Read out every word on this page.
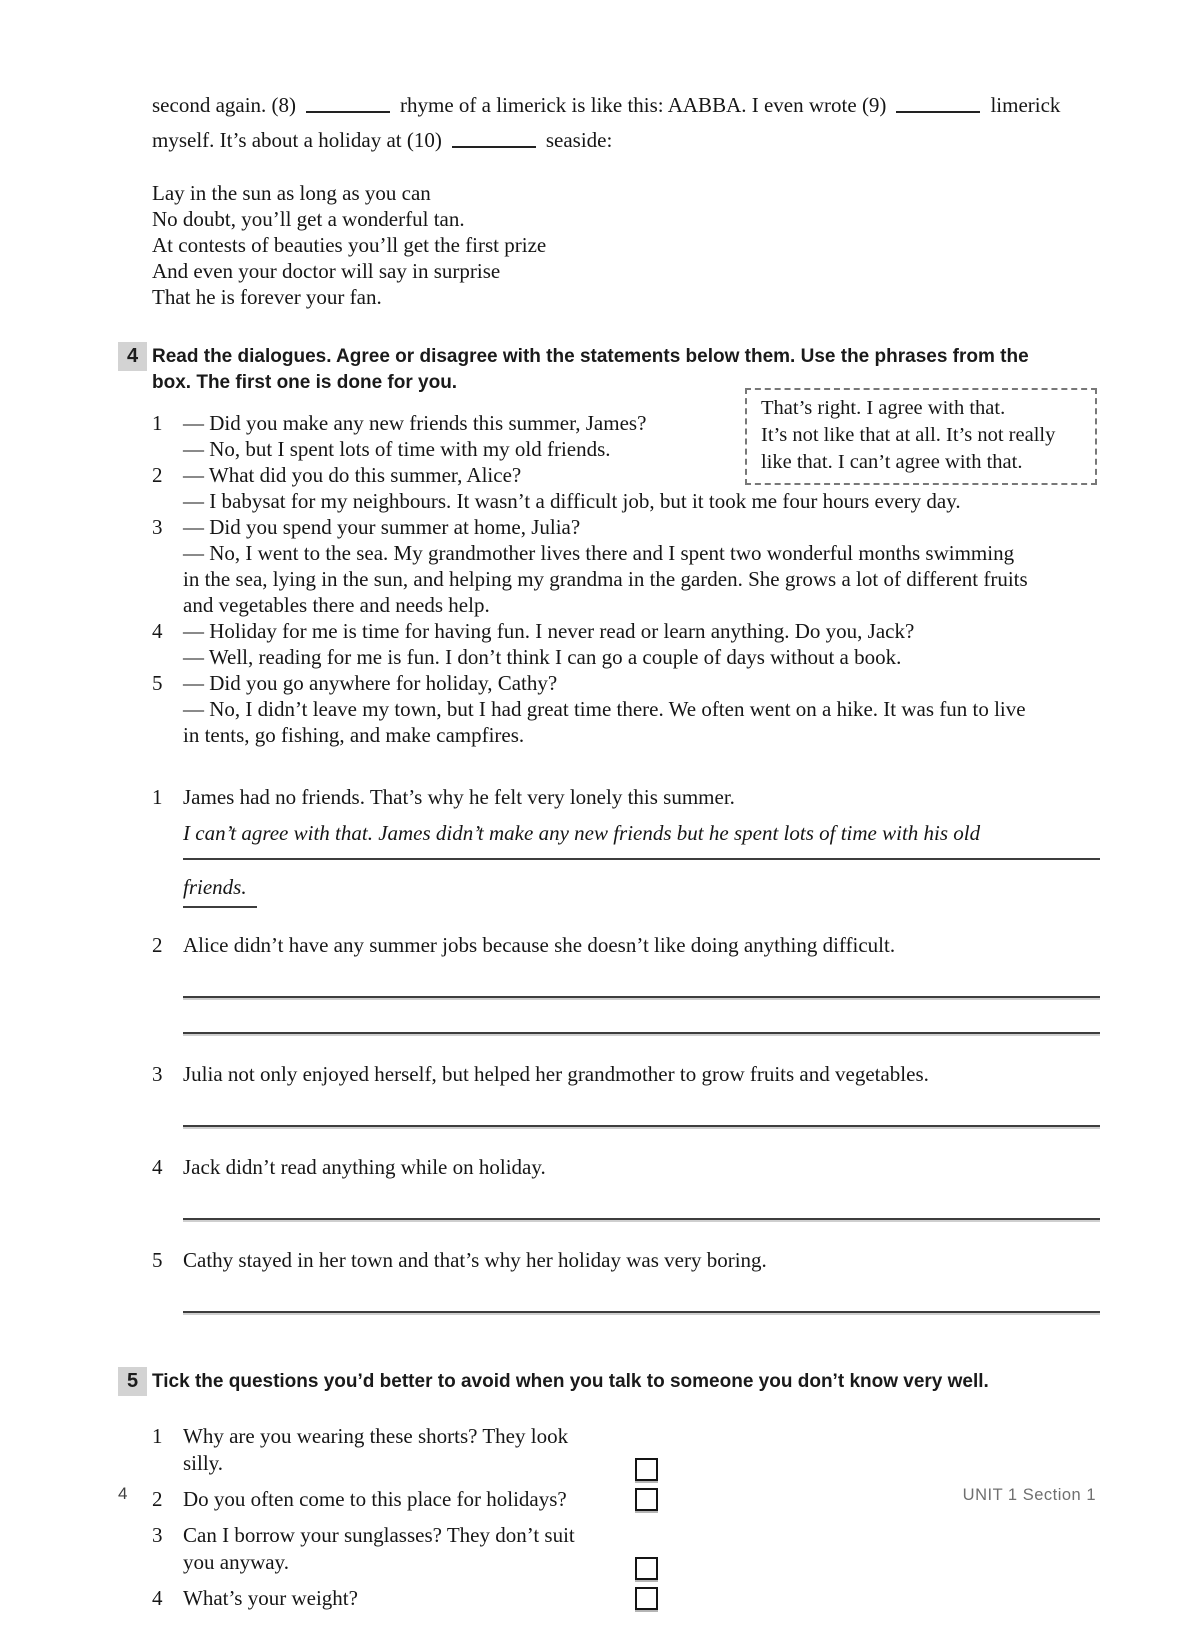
second again. (8)	rhyme of a limerick is like this: AABBA. I even wrote (9)	limerick
myself. It’s about a holiday at (10)	seaside:
Lay in the sun as long as you can
No doubt, you’ll get a wonderful tan.
At contests of beauties you’ll get the first prize
And even your doctor will say in surprise
That he is forever your fan.
4 Read the dialogues. Agree or disagree with the statements below them. Use the phrases from the
box. The first one is done for you.
1 — Did you make any new friends this summer, James?
— No, but I spent lots of time with my old friends.
2 — What did you do this summer, Alice?
— I babysat for my neighbours. It wasn’t a difficult job, but it took me four hours every day.
3 — Did you spend your summer at home, Julia?
— No, I went to the sea. My grandmother lives there and I spent two wonderful months swimming
in the sea, lying in the sun, and helping my grandma in the garden. She grows a lot of different fruits
and vegetables there and needs help.
4 — Holiday for me is time for having fun. I never read or learn anything. Do you, Jack?
— Well, reading for me is fun. I don’t think I can go a couple of days without a book.
5 — Did you go anywhere for holiday, Cathy?
— No, I didn’t leave my town, but I had great time there. We often went on a hike. It was fun to live
in tents, go fishing, and make campfires.
1 James had no friends. That’s why he felt very lonely this summer.
I can’t agree with that. James didn’t make any new friends but he spent lots of time with his old
friends.
2 Alice didn’t have any summer jobs because she doesn’t like doing anything difficult.
3 Julia not only enjoyed herself, but helped her grandmother to grow fruits and vegetables.
4 Jack didn’t read anything while on holiday.
5 Cathy stayed in her town and that’s why her holiday was very boring.
5 Tick the questions you’d better to avoid when you talk to someone you don’t know very well.
1 Why are you wearing these shorts? They look
silly.
2 Do you often come to this place for holidays?
3 Can I borrow your sunglasses? They don’t suit
you anyway.
4 What’s your weight?
That’s right. I agree with that.
It’s not like that at all. It’s not really
like that. I can’t agree with that.
4	UNIT 1 Section 1
